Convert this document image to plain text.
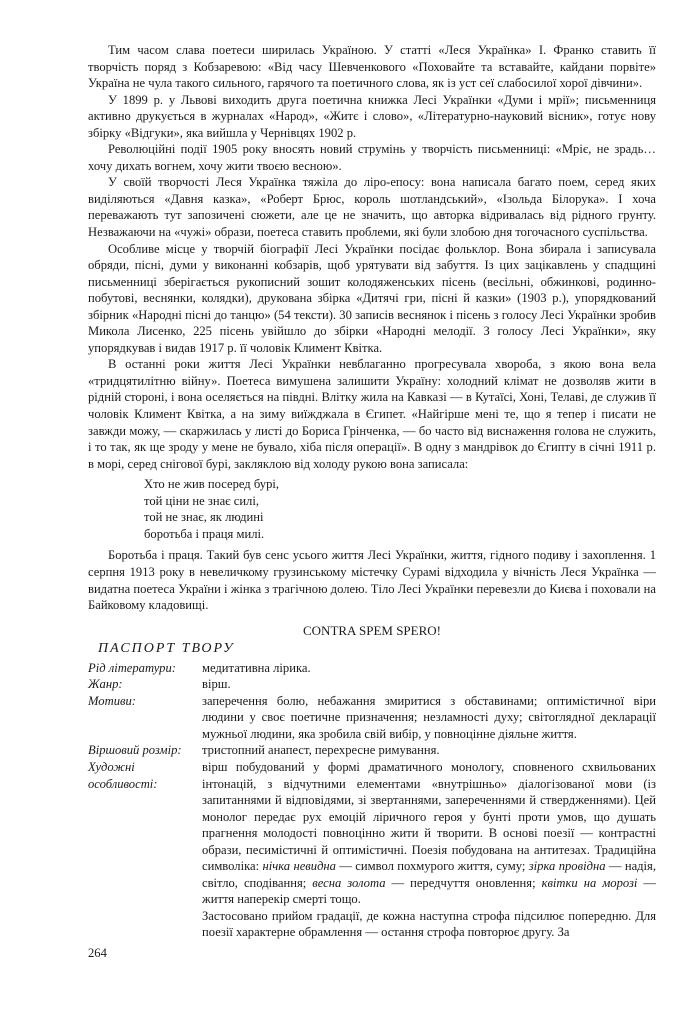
Тим часом слава поетеси ширилась Україною. У статті «Леся Українка» І. Франко ставить її творчість поряд з Кобзаревою: «Від часу Шевченкового «Поховайте та вставайте, кайдани порвіте» Україна не чула такого сильного, гарячого та поетичного слова, як із уст сеї слабосилої хорої дівчини».

У 1899 р. у Львові виходить друга поетична книжка Лесі Українки «Думи і мрії»; письменниця активно друкується в журналах «Народ», «Житє і слово», «Літературно-науковий вісник», готує нову збірку «Відгуки», яка вийшла у Чернівцях 1902 р.

Революційні події 1905 року вносять новий струмінь у творчість письменниці: «Мріє, не зрадь… хочу дихать вогнем, хочу жити твоєю весною».

У своїй творчості Леся Українка тяжіла до ліро-епосу: вона написала багато поем, серед яких виділяються «Давня казка», «Роберт Брюс, король шотландський», «Ізольда Білорука». І хоча переважають тут запозичені сюжети, але це не значить, що авторка відривалась від рідного грунту. Незважаючи на «чужі» образи, поетеса ставить проблеми, які були злобою дня тогочасного суспільства.

Особливе місце у творчій біографії Лесі Українки посідає фольклор. Вона збирала і записувала обряди, пісні, думи у виконанні кобзарів, щоб урятувати від забуття. Із цих зацікавлень у спадщині письменниці зберігається рукописний зошит колодяженських пісень (весільні, обжинкові, родинно-побутові, веснянки, колядки), друкована збірка «Дитячі гри, пісні й казки» (1903 р.), упорядкований збірник «Народні пісні до танцю» (54 тексти). 30 записів веснянок і пісень з голосу Лесі Українки зробив Микола Лисенко, 225 пісень увійшло до збірки «Народні мелодії. З голосу Лесі Українки», яку упорядкував і видав 1917 р. її чоловік Климент Квітка.

В останні роки життя Лесі Українки невблаганно прогресувала хвороба, з якою вона вела «тридцятилітню війну». Поетеса вимушена залишити Україну: холодний клімат не дозволяв жити в рідній стороні, і вона оселяється на півдні. Влітку жила на Кавказі — в Кутаїсі, Хоні, Телаві, де служив її чоловік Климент Квітка, а на зиму виїжджала в Єгипет. «Найгірше мені те, що я тепер і писати не завжди можу, — скаржилась у листі до Бориса Грінченка, — бо часто від виснаження голова не служить, і то так, як ще зроду у мене не бувало, хіба після операції». В одну з мандрівок до Єгипту в січні 1911 р. в морі, серед снігової бурі, закляклою від холоду рукою вона записала:

Хто не жив посеред бурі,
той ціни не знає силі,
той не знає, як людині
боротьба і праця милі.

Боротьба і праця. Такий був сенс усього життя Лесі Українки, життя, гідного подиву і захоплення. 1 серпня 1913 року в невеличкому грузинському містечку Сурамі відходила у вічність Леся Українка — видатна поетеса України і жінка з трагічною долею. Тіло Лесі Українки перевезли до Києва і поховали на Байковому кладовищі.

CONTRA SPEM SPERO!
ПАСПОРТ ТВОРУ
Рід літератури:	медитативна лірика.
Жанр:	вірш.
Мотиви:	заперечення болю, небажання змиритися з обставинами; оптимістичної віри людини у своє поетичне призначення; незламності духу; світоглядної декларації мужньої людини, яка зробила свій вибір, у повноцінне діяльне життя.
Віршовий розмір:	тристопний анапест, перехресне римування.
Художні
особливості:

вірш побудований у формі драматичного монологу, сповненого схвильованих інтонацій, з відчутними елементами «внутрішньо» діалогізованої мови (із запитаннями й відповідями, зі звертаннями, запереченнями й ствердженнями). Цей монолог передає рух емоцій ліричного героя у бунті проти умов, що душать прагнення молодості повноцінно жити й творити. В основі поезії — контрастні образи, песимістичні й оптимістичні. Поезія побудована на антитезах. Традиційна символіка: нічка невидна — символ похмурого життя, суму; зірка провідна — надія, світло, сподівання; весна золота — передчуття оновлення; квітки на морозі — життя наперекір смерті тощо.

Застосовано прийом градації, де кожна наступна строфа підсилює попередню. Для поезії характерне обрамлення — остання строфа повторює другу. За

264
